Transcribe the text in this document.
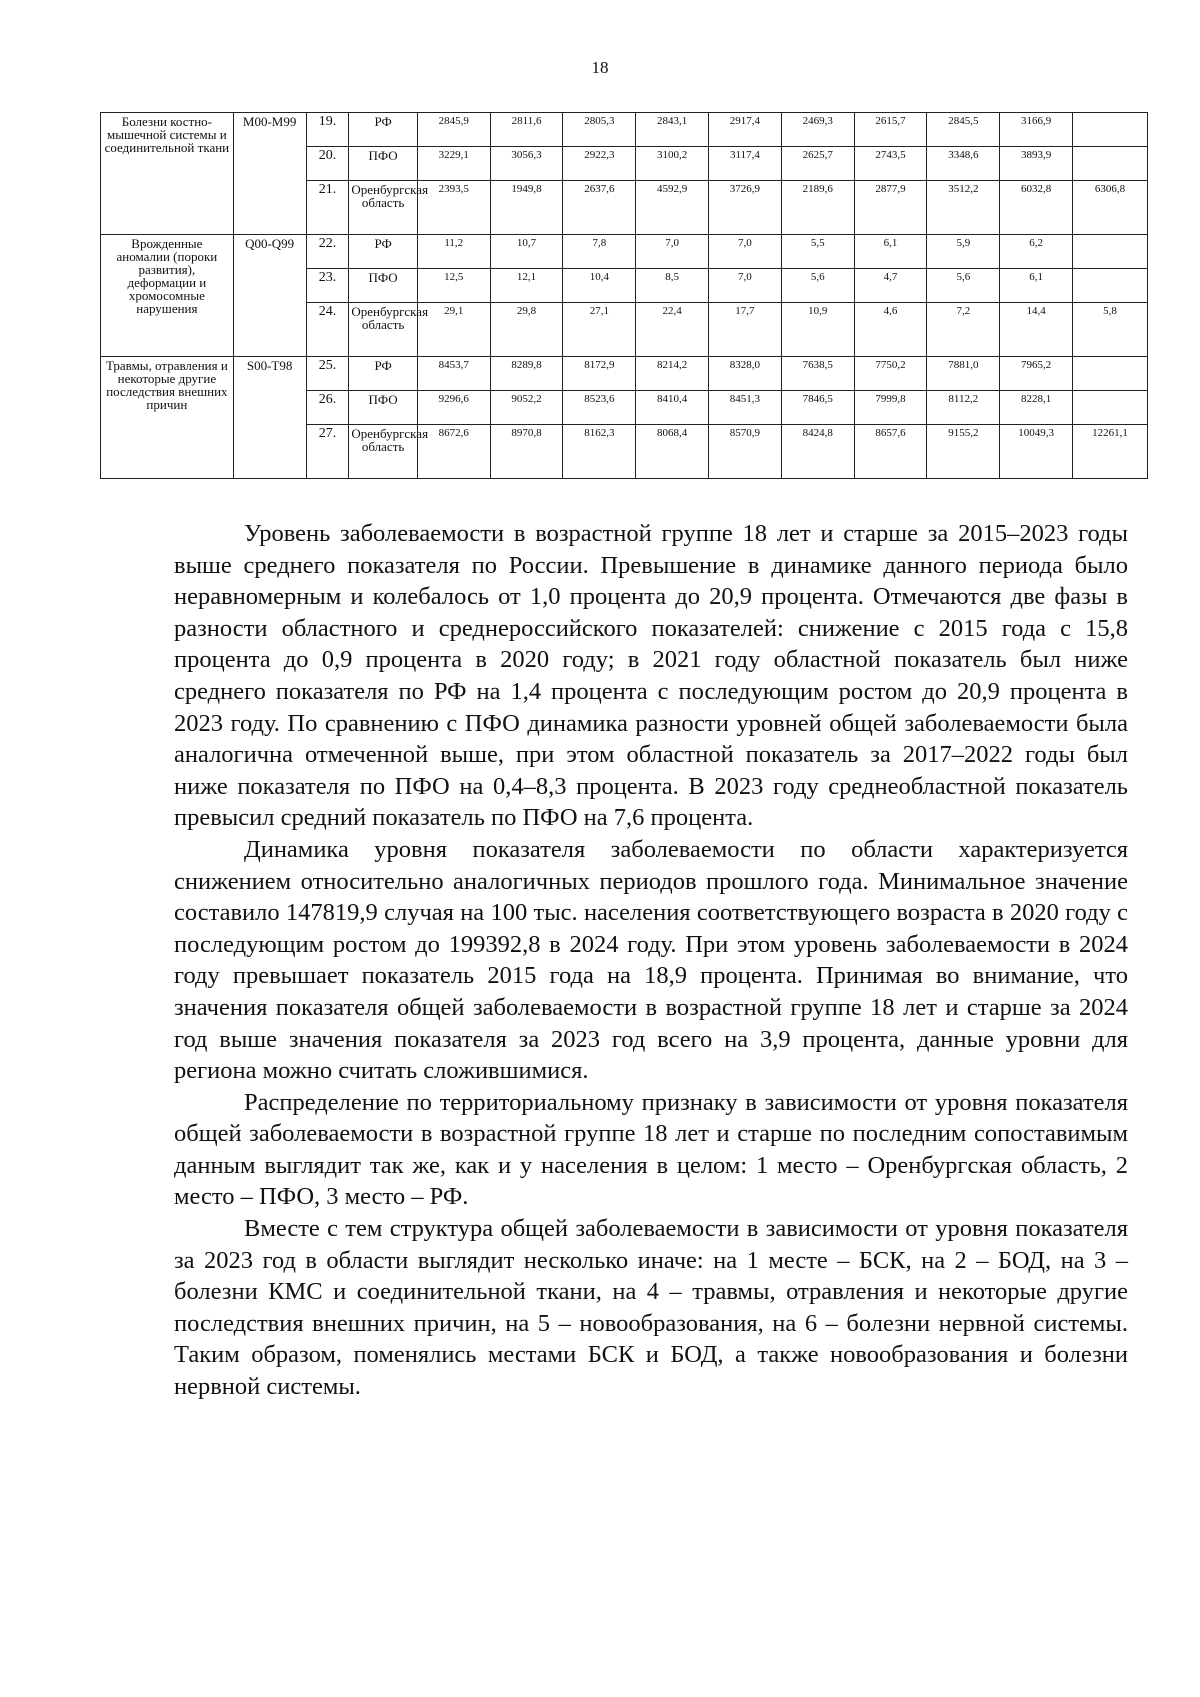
18
Болезни костно-мышечной системы и соединительной ткани	M00-M99	19.	РФ	2845,9	2811,6	2805,3	2843,1	2917,4	2469,3	2615,7	2845,5	3166,9	
		20.	ПФО	3229,1	3056,3	2922,3	3100,2	3117,4	2625,7	2743,5	3348,6	3893,9	
		21.	Оренбургская область	2393,5	1949,8	2637,6	4592,9	3726,9	2189,6	2877,9	3512,2	6032,8	6306,8
Врожденные аномалии (пороки развития), деформации и хромосомные нарушения	Q00-Q99	22.	РФ	11,2	10,7	7,8	7,0	7,0	5,5	6,1	5,9	6,2	
		23.	ПФО	12,5	12,1	10,4	8,5	7,0	5,6	4,7	5,6	6,1	
		24.	Оренбургская область	29,1	29,8	27,1	22,4	17,7	10,9	4,6	7,2	14,4	5,8
Травмы, отравления и некоторые другие последствия внешних причин	S00-T98	25.	РФ	8453,7	8289,8	8172,9	8214,2	8328,0	7638,5	7750,2	7881,0	7965,2	
		26.	ПФО	9296,6	9052,2	8523,6	8410,4	8451,3	7846,5	7999,8	8112,2	8228,1	
		27.	Оренбургская область	8672,6	8970,8	8162,3	8068,4	8570,9	8424,8	8657,6	9155,2	10049,3	12261,1

Уровень заболеваемости в возрастной группе 18 лет и старше за 2015–2023 годы выше среднего показателя по России. Превышение в динамике данного периода было неравномерным и колебалось от 1,0 процента до 20,9 процента. Отмечаются две фазы в разности областного и среднероссийского показателей: снижение с 2015 года с 15,8 процента до 0,9 процента в 2020 году; в 2021 году областной показатель был ниже среднего показателя по РФ на 1,4 процента с последующим ростом до 20,9 процента в 2023 году. По сравнению с ПФО динамика разности уровней общей заболеваемости была аналогична отмеченной выше, при этом областной показатель за 2017–2022 годы был ниже показателя по ПФО на 0,4–8,3 процента. В 2023 году среднеобластной показатель превысил средний показатель по ПФО на 7,6 процента.

Динамика уровня показателя заболеваемости по области характеризуется снижением относительно аналогичных периодов прошлого года. Минимальное значение составило 147819,9 случая на 100 тыс. населения соответствующего возраста в 2020 году с последующим ростом до 199392,8 в 2024 году. При этом уровень заболеваемости в 2024 году превышает показатель 2015 года на 18,9 процента. Принимая во внимание, что значения показателя общей заболеваемости в возрастной группе 18 лет и старше за 2024 год выше значения показателя за 2023 год всего на 3,9 процента, данные уровни для региона можно считать сложившимися.

Распределение по территориальному признаку в зависимости от уровня показателя общей заболеваемости в возрастной группе 18 лет и старше по последним сопоставимым данным выглядит так же, как и у населения в целом: 1 место – Оренбургская область, 2 место – ПФО, 3 место – РФ.

Вместе с тем структура общей заболеваемости в зависимости от уровня показателя за 2023 год в области выглядит несколько иначе: на 1 месте – БСК, на 2 – БОД, на 3 – болезни КМС и соединительной ткани, на 4 – травмы, отравления и некоторые другие последствия внешних причин, на 5 – новообразования, на 6 – болезни нервной системы. Таким образом, поменялись местами БСК и БОД, а также новообразования и болезни нервной системы.
